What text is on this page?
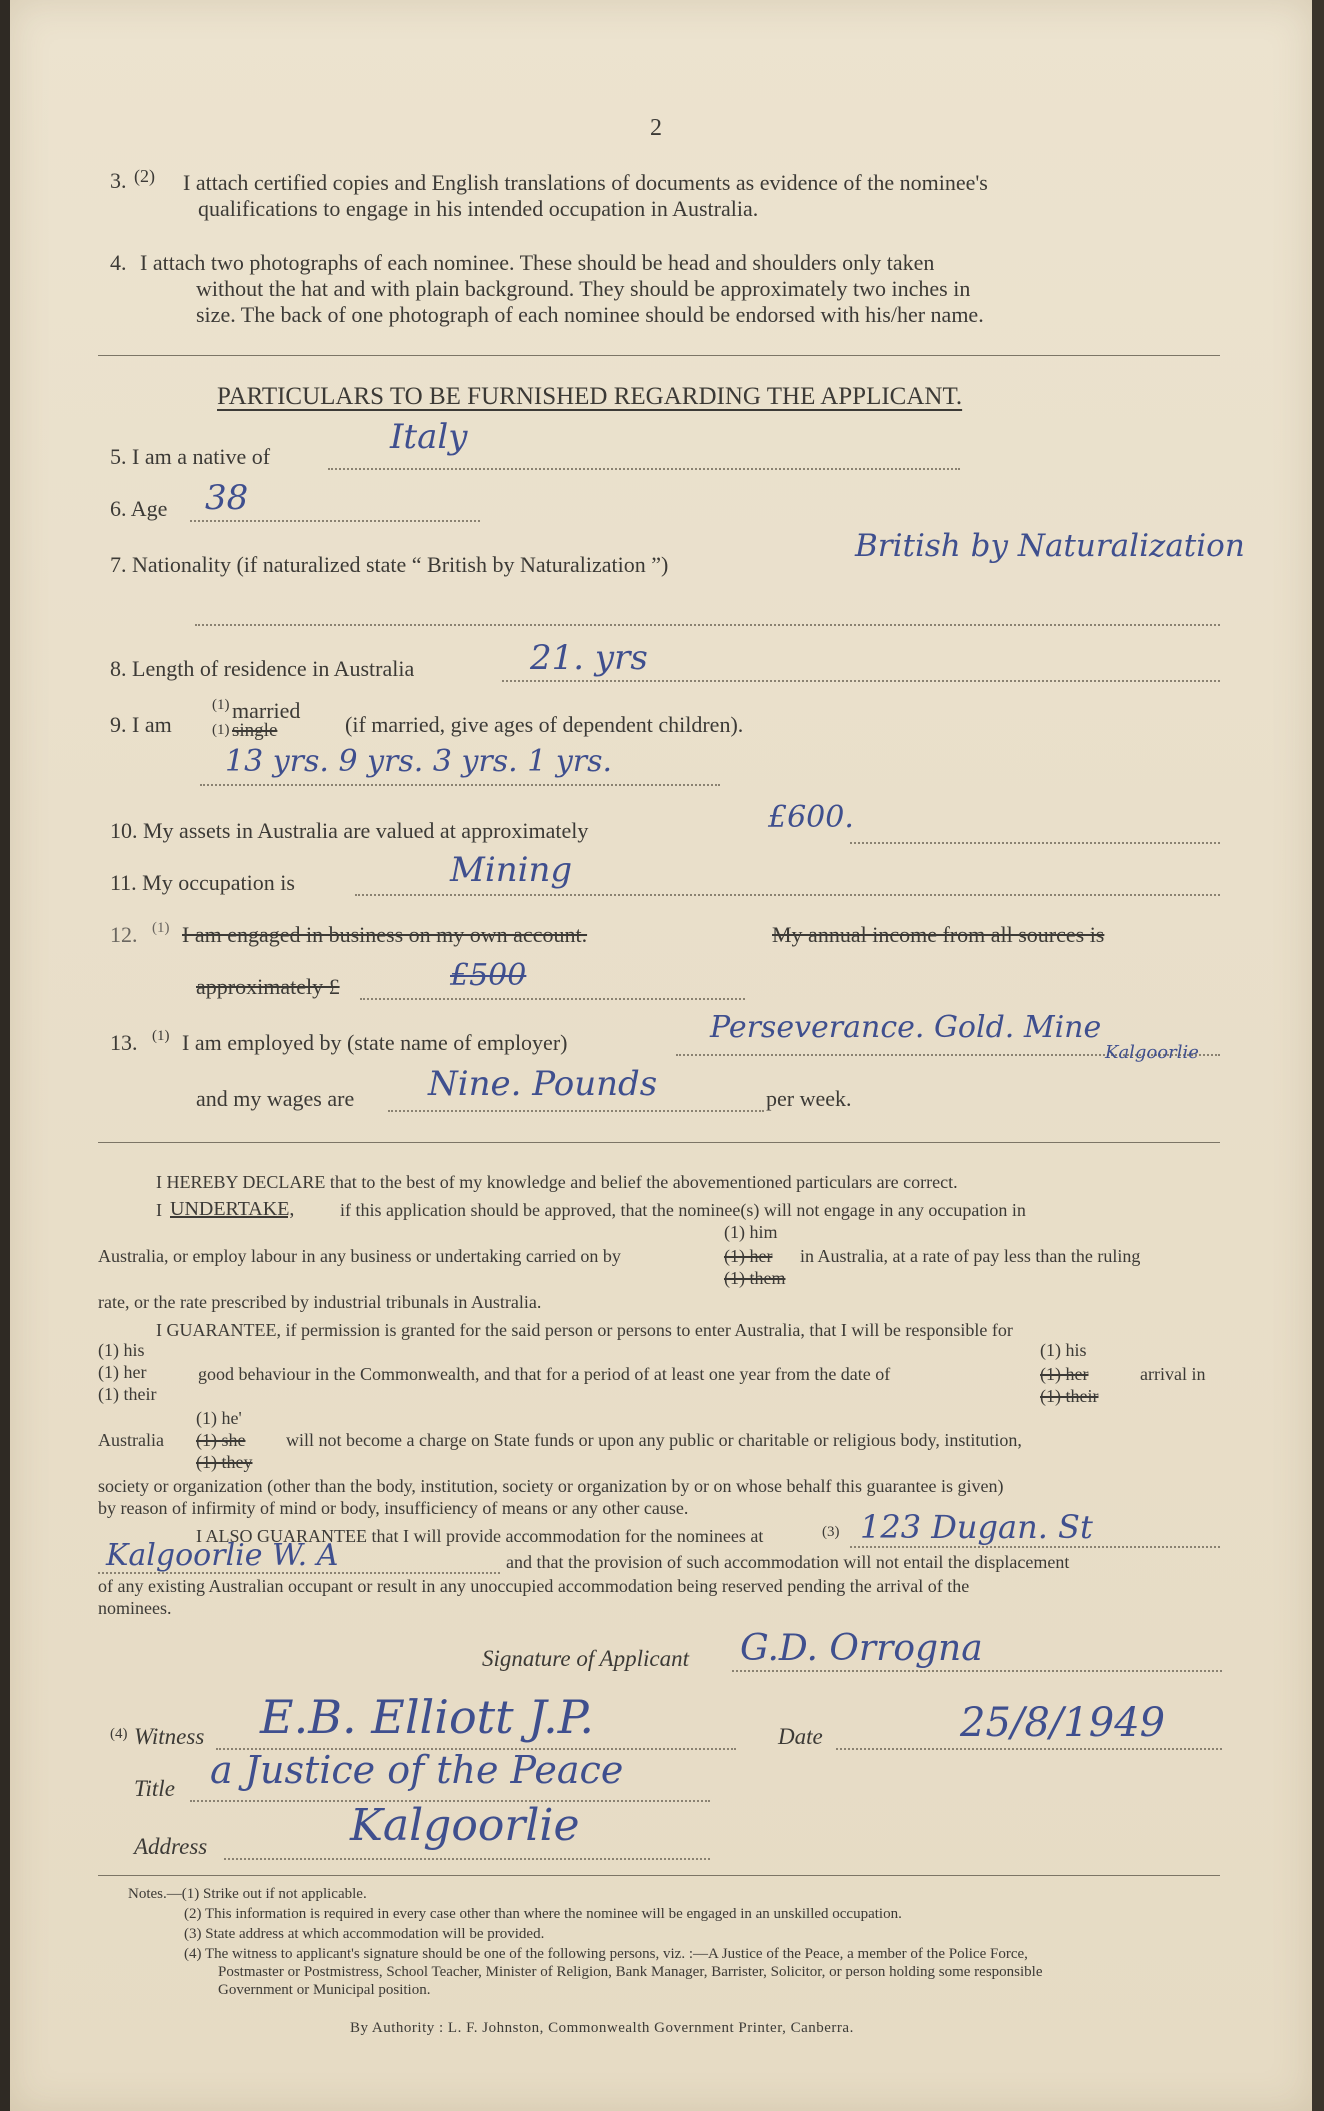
2
3. (2) I attach certified copies and English translations of documents as evidence of the nominee's
qualifications to engage in his intended occupation in Australia.
4. I attach two photographs of each nominee. These should be head and shoulders only taken
without the hat and with plain background. They should be approximately two inches in
size. The back of one photograph of each nominee should be endorsed with his/her name.
PARTICULARS TO BE FURNISHED REGARDING THE APPLICANT.
5. I am a native of	Italy
6. Age 38
7. Nationality (if naturalized state “ British by Naturalization ”)
British by Naturalization
8. Length of residence in Australia	21. yrs
9. I am
(1) married
(1) single	(if married, give ages of dependent children).
13 yrs. 9 yrs. 3 yrs. 1 yrs.
10. My assets in Australia are valued at approximately	£600.
11. My occupation is	Mining
12. (1) I am engaged in business on my own account.	My annual income from all sources is
approximately £	£500
13. (1) I am employed by (state name of employer)	Perseverance. Gold. Mine
Kalgoorlie
and my wages are Nine. Pounds	per week.
I HEREBY DECLARE that to the best of my knowledge and belief the abovementioned particulars are correct.
I UNDERTAKE,	if this application should be approved, that the nominee(s) will not engage in any occupation in
(1) him
Australia, or employ labour in any business or undertaking carried on by	(1) her in Australia, at a rate of pay less than the ruling
(1) them
rate, or the rate prescribed by industrial tribunals in Australia.
I GUARANTEE, if permission is granted for the said person or persons to enter Australia, that I will be responsible for
(1) his
(1) her
(1) their
good behaviour in the Commonwealth, and that for a period of at least one year from the date of
(1) his
(1) her
(1) their
arrival in
(1) he'
Australia (1) she
(1) they
will not become a charge on State funds or upon any public or charitable or religious body, institution,
society or organization (other than the body, institution, society or organization by or on whose behalf this guarantee is given)
by reason of infirmity of mind or body, insufficiency of means or any other cause.
I ALSO GUARANTEE that I will provide accommodation for the nominees at	(3) 123 Dugan. St
Kalgoorlie W. A	and that the provision of such accommodation will not entail the displacement
of any existing Australian occupant or result in any unoccupied accommodation being reserved pending the arrival of the
nominees.
Signature of Applicant G.D. Orrogna
(4) Witness E.B. Elliott J.P.	Date	25/8/1949
Title a Justice of the Peace
Address	Kalgoorlie
Notes.—(1) Strike out if not applicable.
(2) This information is required in every case other than where the nominee will be engaged in an unskilled occupation.
(3) State address at which accommodation will be provided.
(4) The witness to applicant's signature should be one of the following persons, viz. :—A Justice of the Peace, a member of the Police Force,
Postmaster or Postmistress, School Teacher, Minister of Religion, Bank Manager, Barrister, Solicitor, or person holding some responsible
Government or Municipal position.
By Authority : L. F. Johnston, Commonwealth Government Printer, Canberra.
